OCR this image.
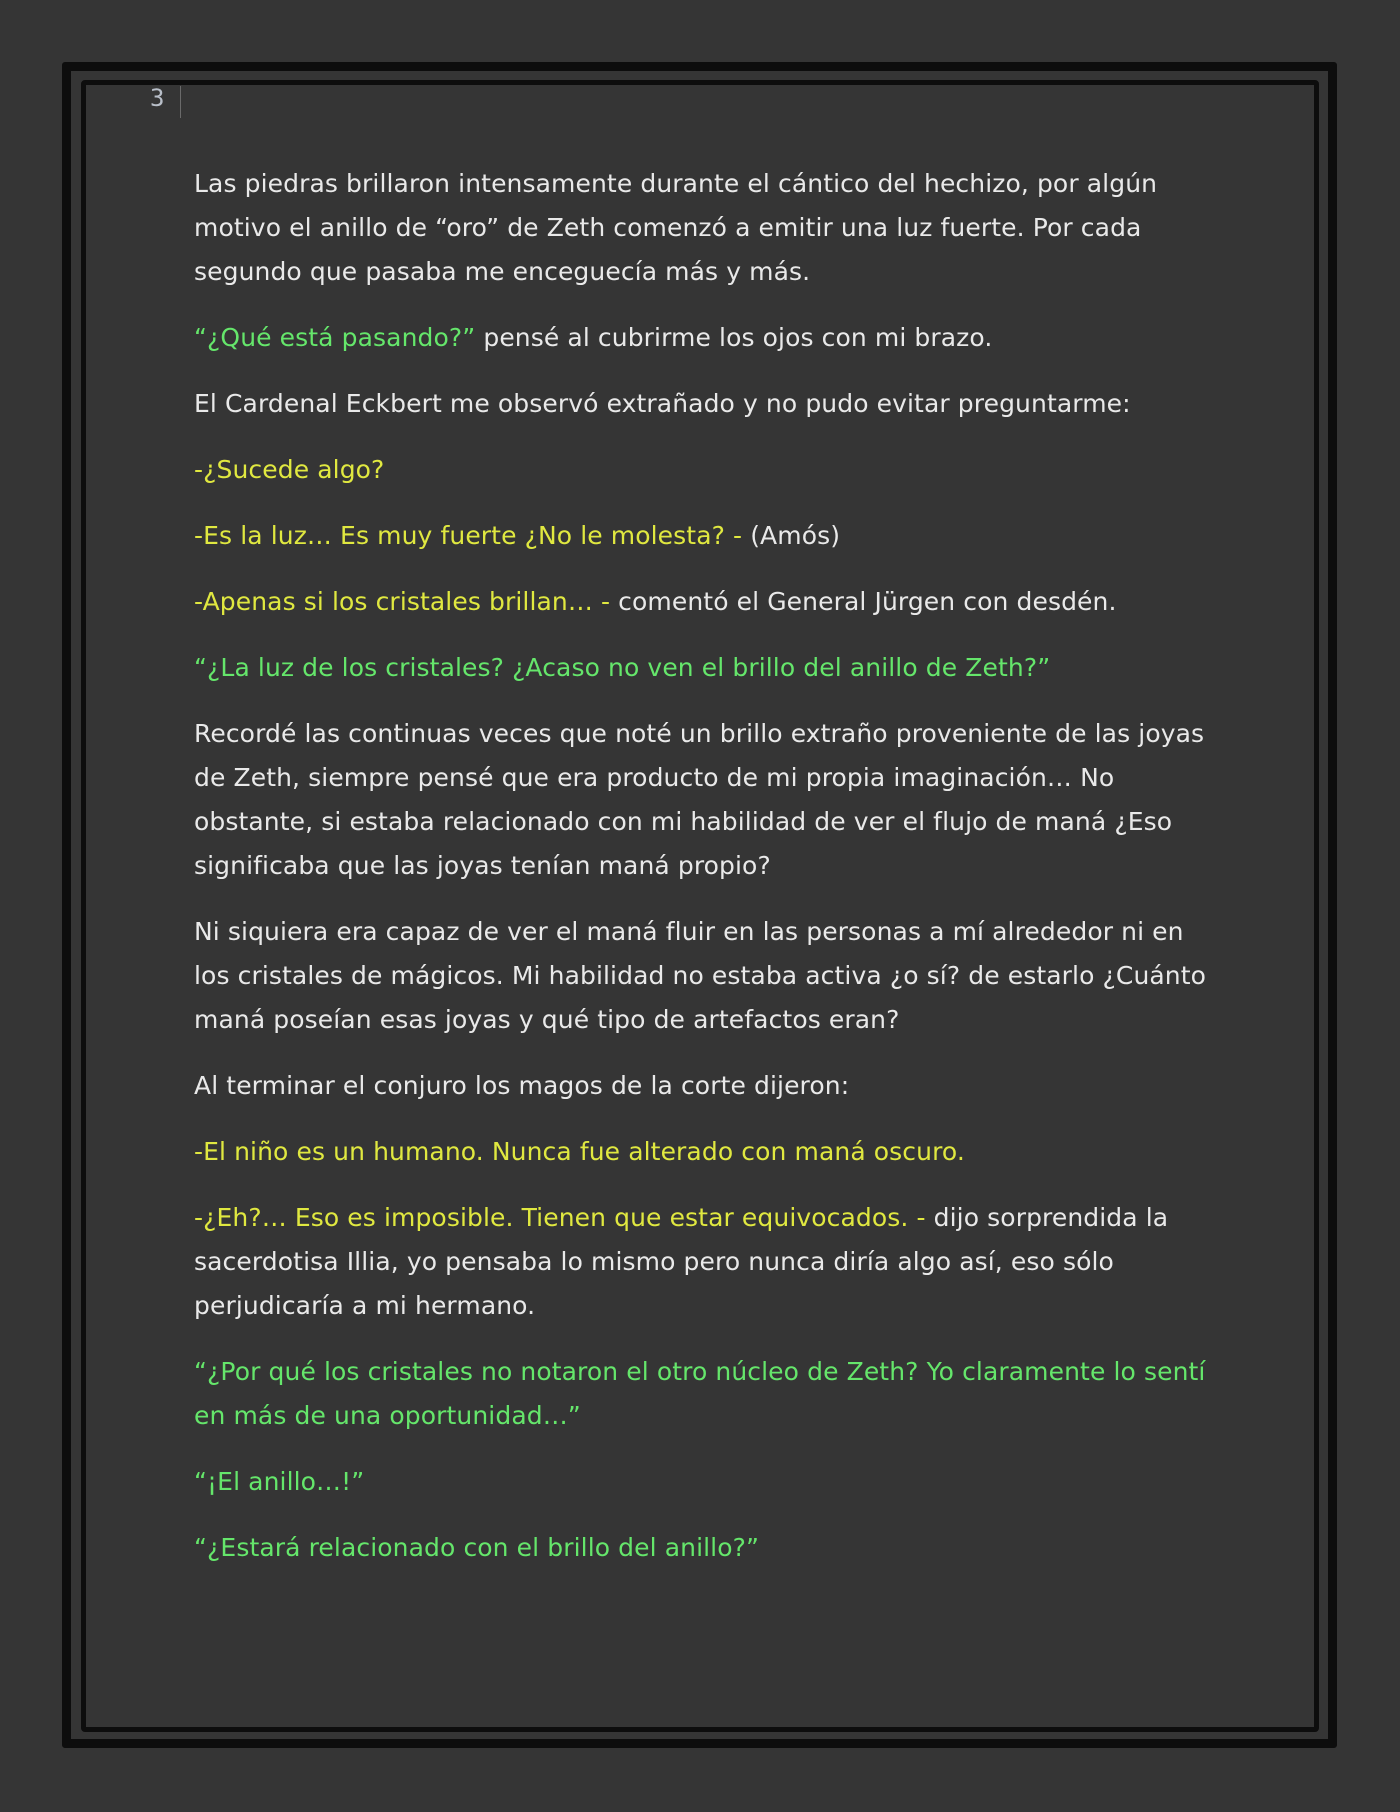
3

Las piedras brillaron intensamente durante el cántico del hechizo, por algún motivo el anillo de “oro” de Zeth comenzó a emitir una luz fuerte. Por cada segundo que pasaba me enceguecía más y más.

“¿Qué está pasando?” pensé al cubrirme los ojos con mi brazo.

El Cardenal Eckbert me observó extrañado y no pudo evitar preguntarme:

-¿Sucede algo?

-Es la luz… Es muy fuerte ¿No le molesta? - (Amós)

-Apenas si los cristales brillan… - comentó el General Jürgen con desdén.

“¿La luz de los cristales? ¿Acaso no ven el brillo del anillo de Zeth?”

Recordé las continuas veces que noté un brillo extraño proveniente de las joyas de Zeth, siempre pensé que era producto de mi propia imaginación… No obstante, si estaba relacionado con mi habilidad de ver el flujo de maná ¿Eso significaba que las joyas tenían maná propio?

Ni siquiera era capaz de ver el maná fluir en las personas a mí alrededor ni en los cristales de mágicos. Mi habilidad no estaba activa ¿o sí? de estarlo ¿Cuánto maná poseían esas joyas y qué tipo de artefactos eran?

Al terminar el conjuro los magos de la corte dijeron:

-El niño es un humano. Nunca fue alterado con maná oscuro.

-¿Eh?… Eso es imposible. Tienen que estar equivocados. - dijo sorprendida la sacerdotisa Illia, yo pensaba lo mismo pero nunca diría algo así, eso sólo perjudicaría a mi hermano.

“¿Por qué los cristales no notaron el otro núcleo de Zeth? Yo claramente lo sentí en más de una oportunidad…”

“¡El anillo…!”

“¿Estará relacionado con el brillo del anillo?”
